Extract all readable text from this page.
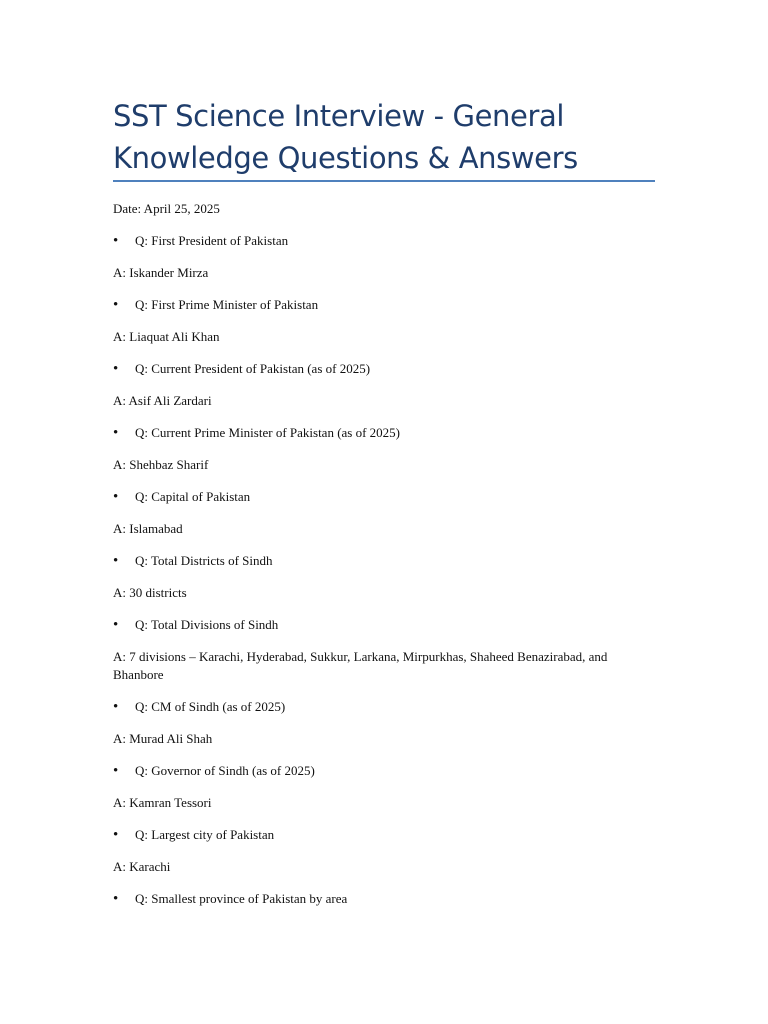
SST Science Interview - General Knowledge Questions & Answers

Date: April 25, 2025

• Q: First President of Pakistan

A: Iskander Mirza

• Q: First Prime Minister of Pakistan

A: Liaquat Ali Khan

• Q: Current President of Pakistan (as of 2025)

A: Asif Ali Zardari

• Q: Current Prime Minister of Pakistan (as of 2025)

A: Shehbaz Sharif

• Q: Capital of Pakistan

A: Islamabad

• Q: Total Districts of Sindh

A: 30 districts

• Q: Total Divisions of Sindh

A: 7 divisions – Karachi, Hyderabad, Sukkur, Larkana, Mirpurkhas, Shaheed Benazirabad, and Bhanbore

• Q: CM of Sindh (as of 2025)

A: Murad Ali Shah

• Q: Governor of Sindh (as of 2025)

A: Kamran Tessori

• Q: Largest city of Pakistan

A: Karachi

• Q: Smallest province of Pakistan by area
